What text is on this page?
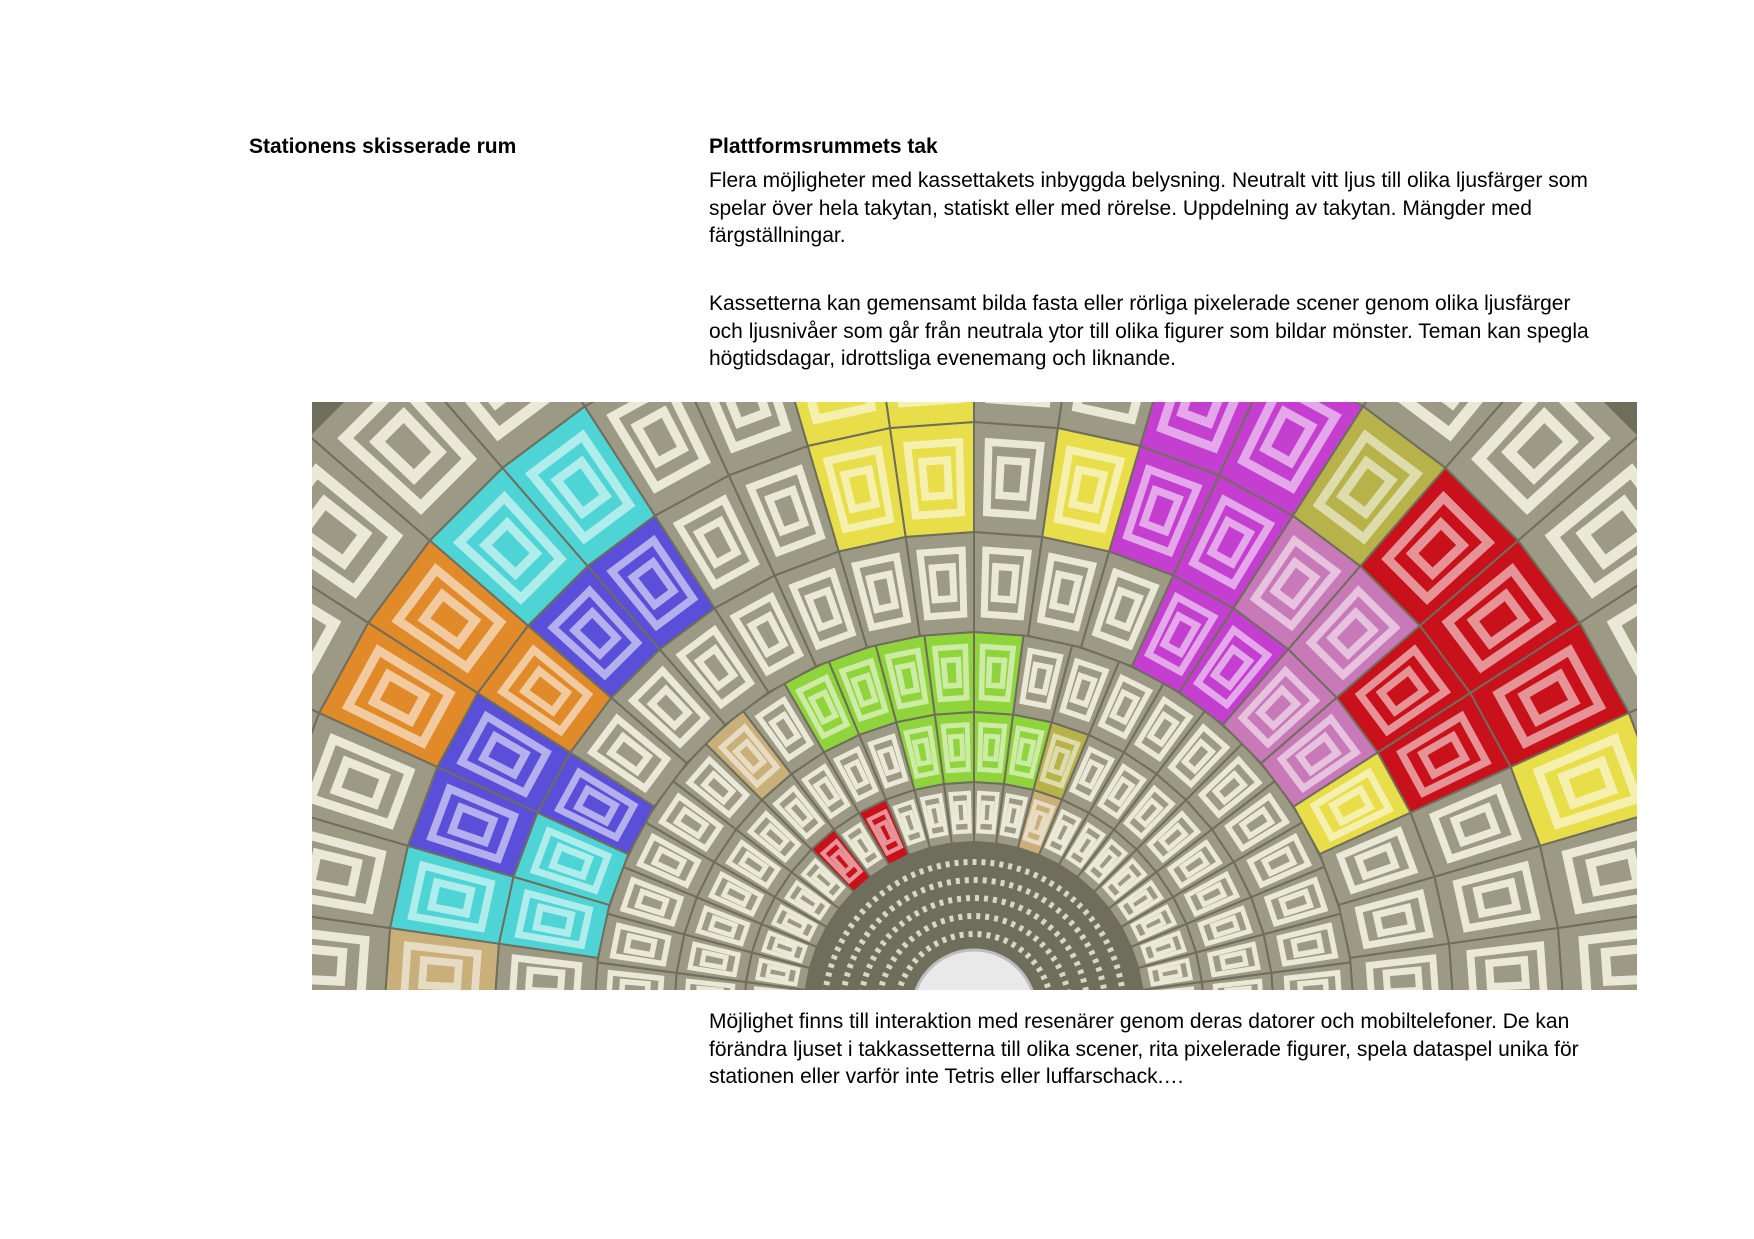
Stationens skisserade rum	Plattformsrummets tak
Flera möjligheter med kassettakets inbyggda belysning. Neutralt vitt ljus till olika ljusfärger som spelar över hela takytan, statiskt eller med rörelse. Uppdelning av takytan. Mängder med färgställningar.
Kassetterna kan gemensamt bilda fasta eller rörliga pixelerade scener genom olika ljusfärger och ljusnivåer som går från neutrala ytor till olika figurer som bildar mönster. Teman kan spegla högtidsdagar, idrottsliga evenemang och liknande.
Möjlighet finns till interaktion med resenärer genom deras datorer och mobiltelefoner. De kan förändra ljuset i takkassetterna till olika scener, rita pixelerade figurer, spela dataspel unika för stationen eller varför inte Tetris eller luffarschack.…
